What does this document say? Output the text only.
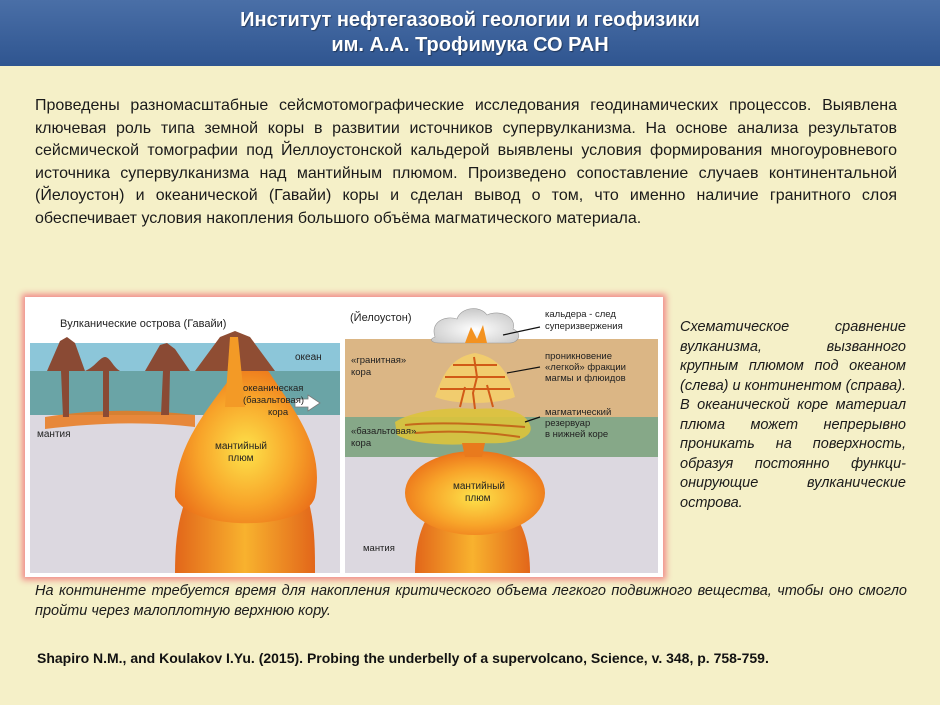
Институт нефтегазовой геологии и геофизики
им. А.А. Трофимука СО РАН
Проведены разномасштабные сейсмотомографические исследования геодинамических процессов. Выявлена ключевая роль типа земной коры в развитии источников супервулканизма. На основе анализа результатов сейсмической томографии под Йеллоустонской кальдерой выявлены условия формирования многоуровневого источника супервулканизма над мантийным плюмом. Произведено сопоставление случаев континентальной (Йелоустон) и океанической (Гавайи) коры и сделан вывод о том, что именно наличие гранитного слоя обеспечивает условия накопления большого объёма магматического материала.
Вулканические острова (Гавайи)
океан
океаническая
(базальтовая)
кора
мантия
мантийный
плюм
(Йелоустон)	кальдера - след
суперизвержения
«гранитная»
кора
проникновение
«легкой» фракции
магмы и флюидов
магматический
резервуар
в нижней коре
«базальтовая»
кора
мантийный
плюм
мантия
Схематическое сравнение вулканизма, вызванного крупным плюмом под океаном (слева) и континентом (справа). В океанической коре материал плюма может непрерывно проникать на поверхность, образуя постоянно функци-онирующие вулканические острова.
На континенте требуется время для накопления критического объема легкого подвижного вещества, чтобы оно смогло пройти через малоплотную верхнюю кору.
Shapiro N.M., and Koulakov I.Yu. (2015). Probing the underbelly of a supervolcano, Science, v. 348, p. 758-759.
